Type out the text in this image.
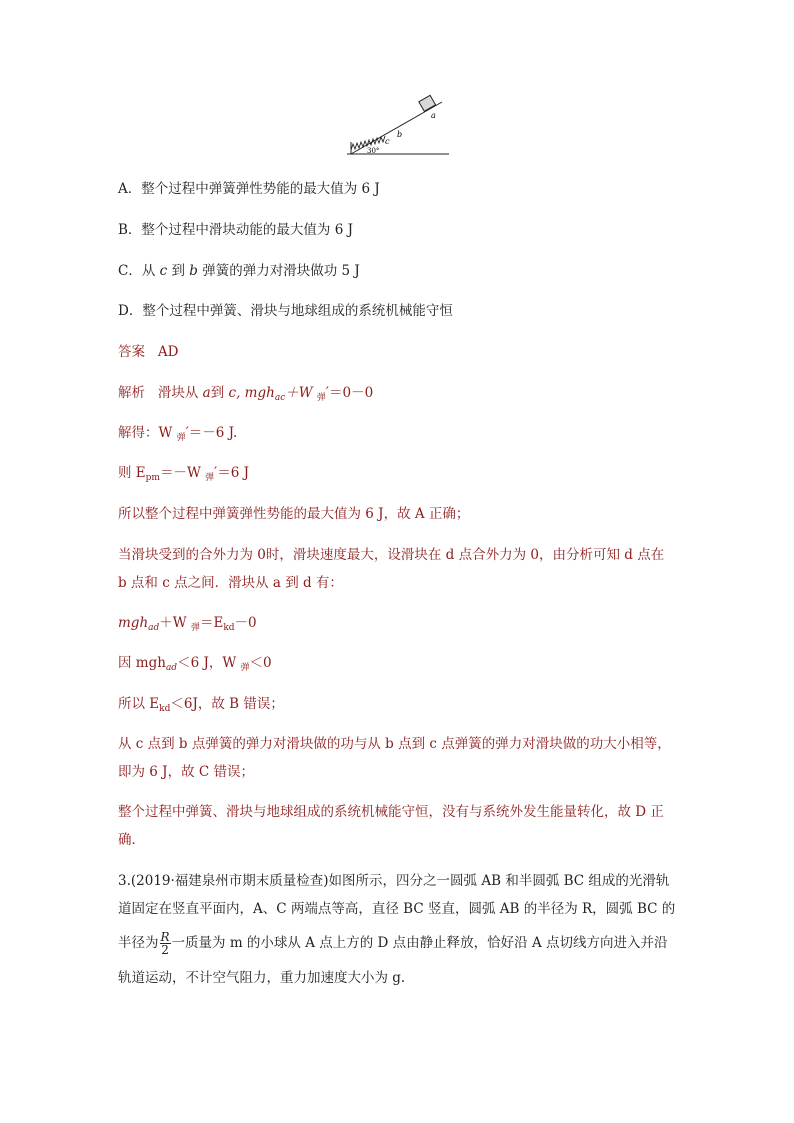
a
b
c
30°
A．整个过程中弹簧弹性势能的最大值为 6 J
B．整个过程中滑块动能的最大值为 6 J
C．从 c 到 b 弹簧的弹力对滑块做功 5 J
D．整个过程中弹簧、滑块与地球组成的系统机械能守恒
答案 AD
解析 滑块从 a到 c, mgh$_{ac}$＋W $_弹$′＝0－0
解得：W $_弹$′＝－6 J.
则 $E_{pm}=-W$ $_弹$′＝6 J
所以整个过程中弹簧弹性势能的最大值为 6 J，故 A 正确；
当滑块受到的合外力为 0时，滑块速度最大，设滑块在 d 点合外力为 0，由分析可知 d 点在
b 点和 c 点之间．滑块从 a 到 d 有：
mgh$_{ad}$＋W $_弹=E_{kd}-0$
因 mgh$_{ad}$＜6 J，W $_弹$＜0
所以 $E_{kd}<6J$，故 B 错误；
从 c 点到 b 点弹簧的弹力对滑块做的功与从 b 点到 c 点弹簧的弹力对滑块做的功大小相等，
即为 6 J，故 C 错误；
整个过程中弹簧、滑块与地球组成的系统机械能守恒，没有与系统外发生能量转化，故 D 正
确．
3.(2019·福建泉州市期末质量检查)如图所示，四分之一圆弧 AB 和半圆弧 BC 组成的光滑轨
道固定在竖直平面内，A、C 两端点等高，直径 BC 竖直，圆弧 AB 的半径为 R，圆弧 BC 的
半径为 $\frac{R}{2}$ 一质量为 m 的小球从 A 点上方的 D 点由静止释放，恰好沿 A 点切线方向进入并沿
轨道运动，不计空气阻力，重力加速度大小为 g.
